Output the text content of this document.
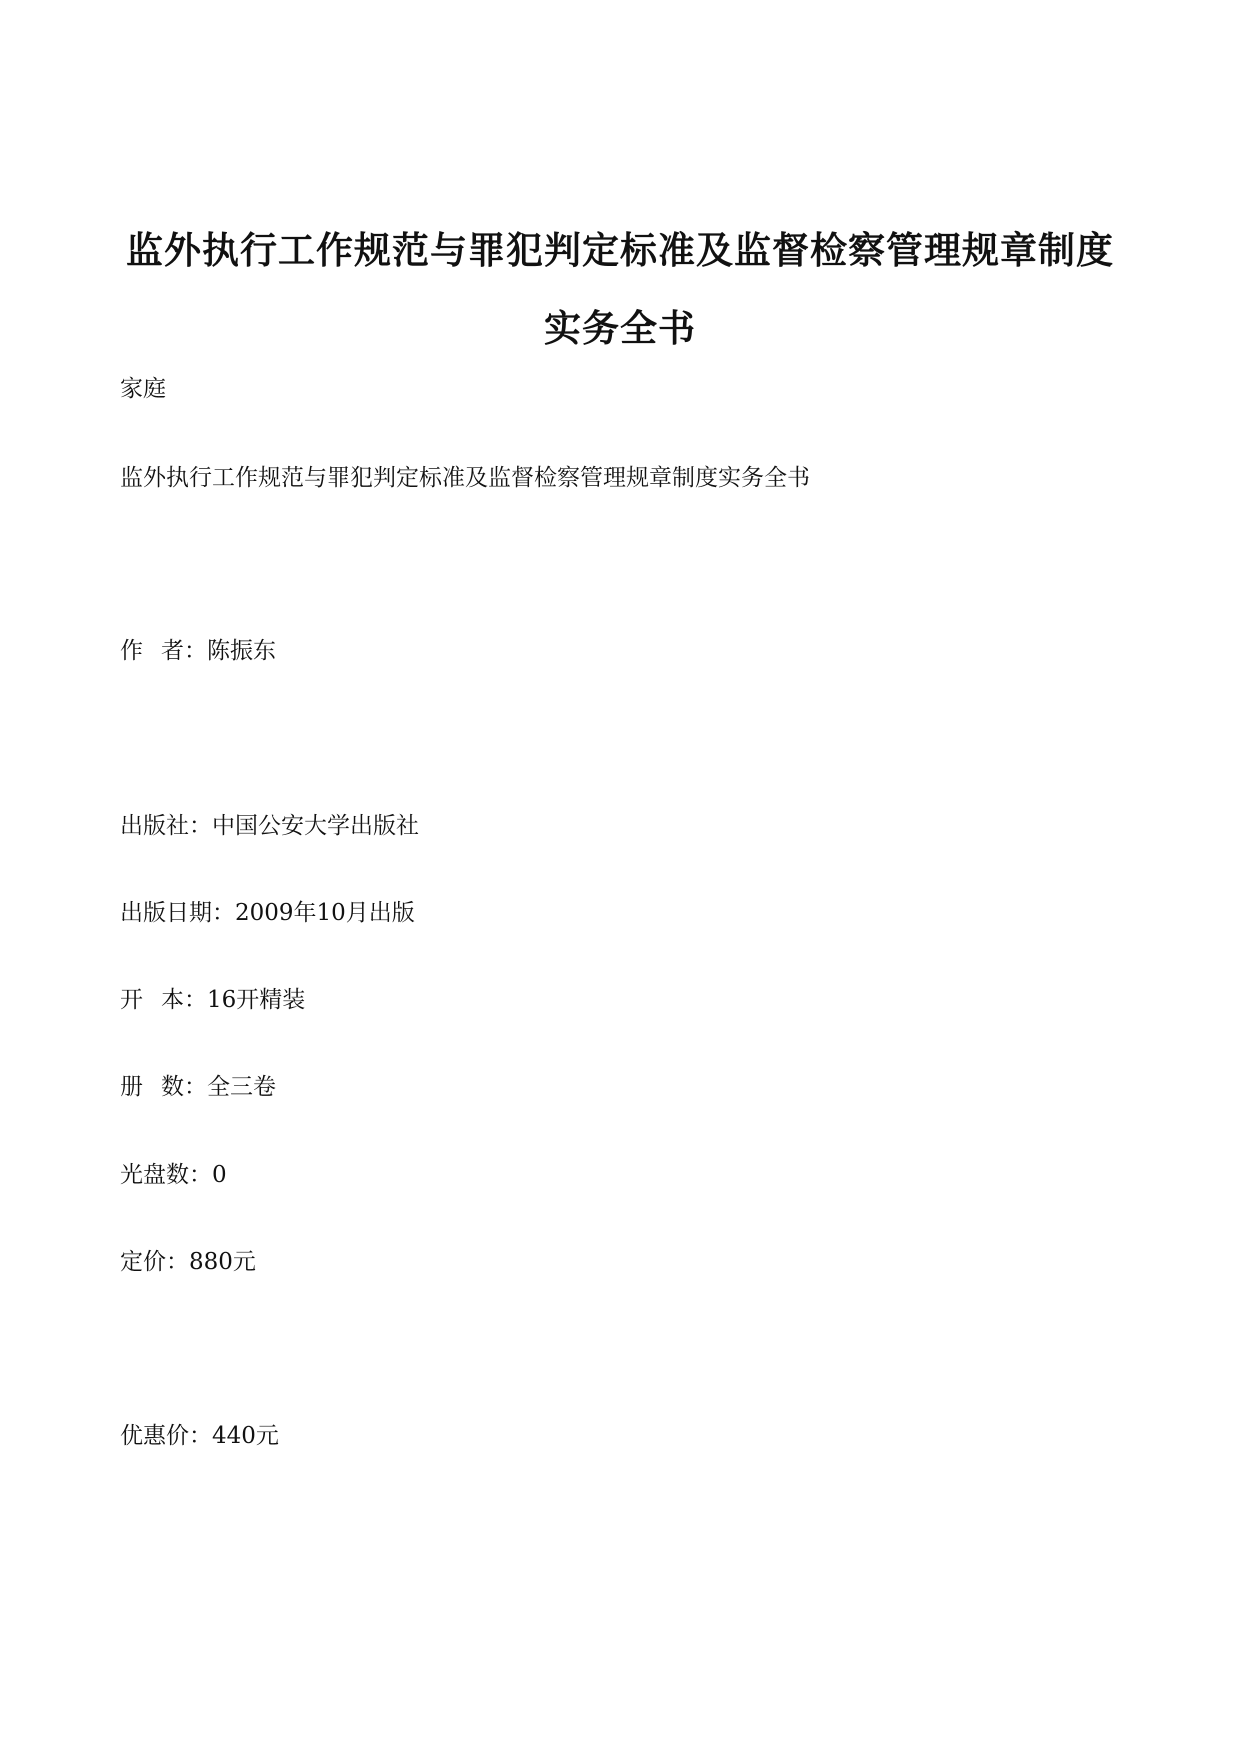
监外执行工作规范与罪犯判定标准及监督检察管理规章制度
实务全书
家庭
监外执行工作规范与罪犯判定标准及监督检察管理规章制度实务全书
作 者：陈振东
出版社：中国公安大学出版社
出版日期：2009年10月出版
开 本：16开精装
册 数：全三卷
光盘数：0
定价：880元
优惠价：440元
